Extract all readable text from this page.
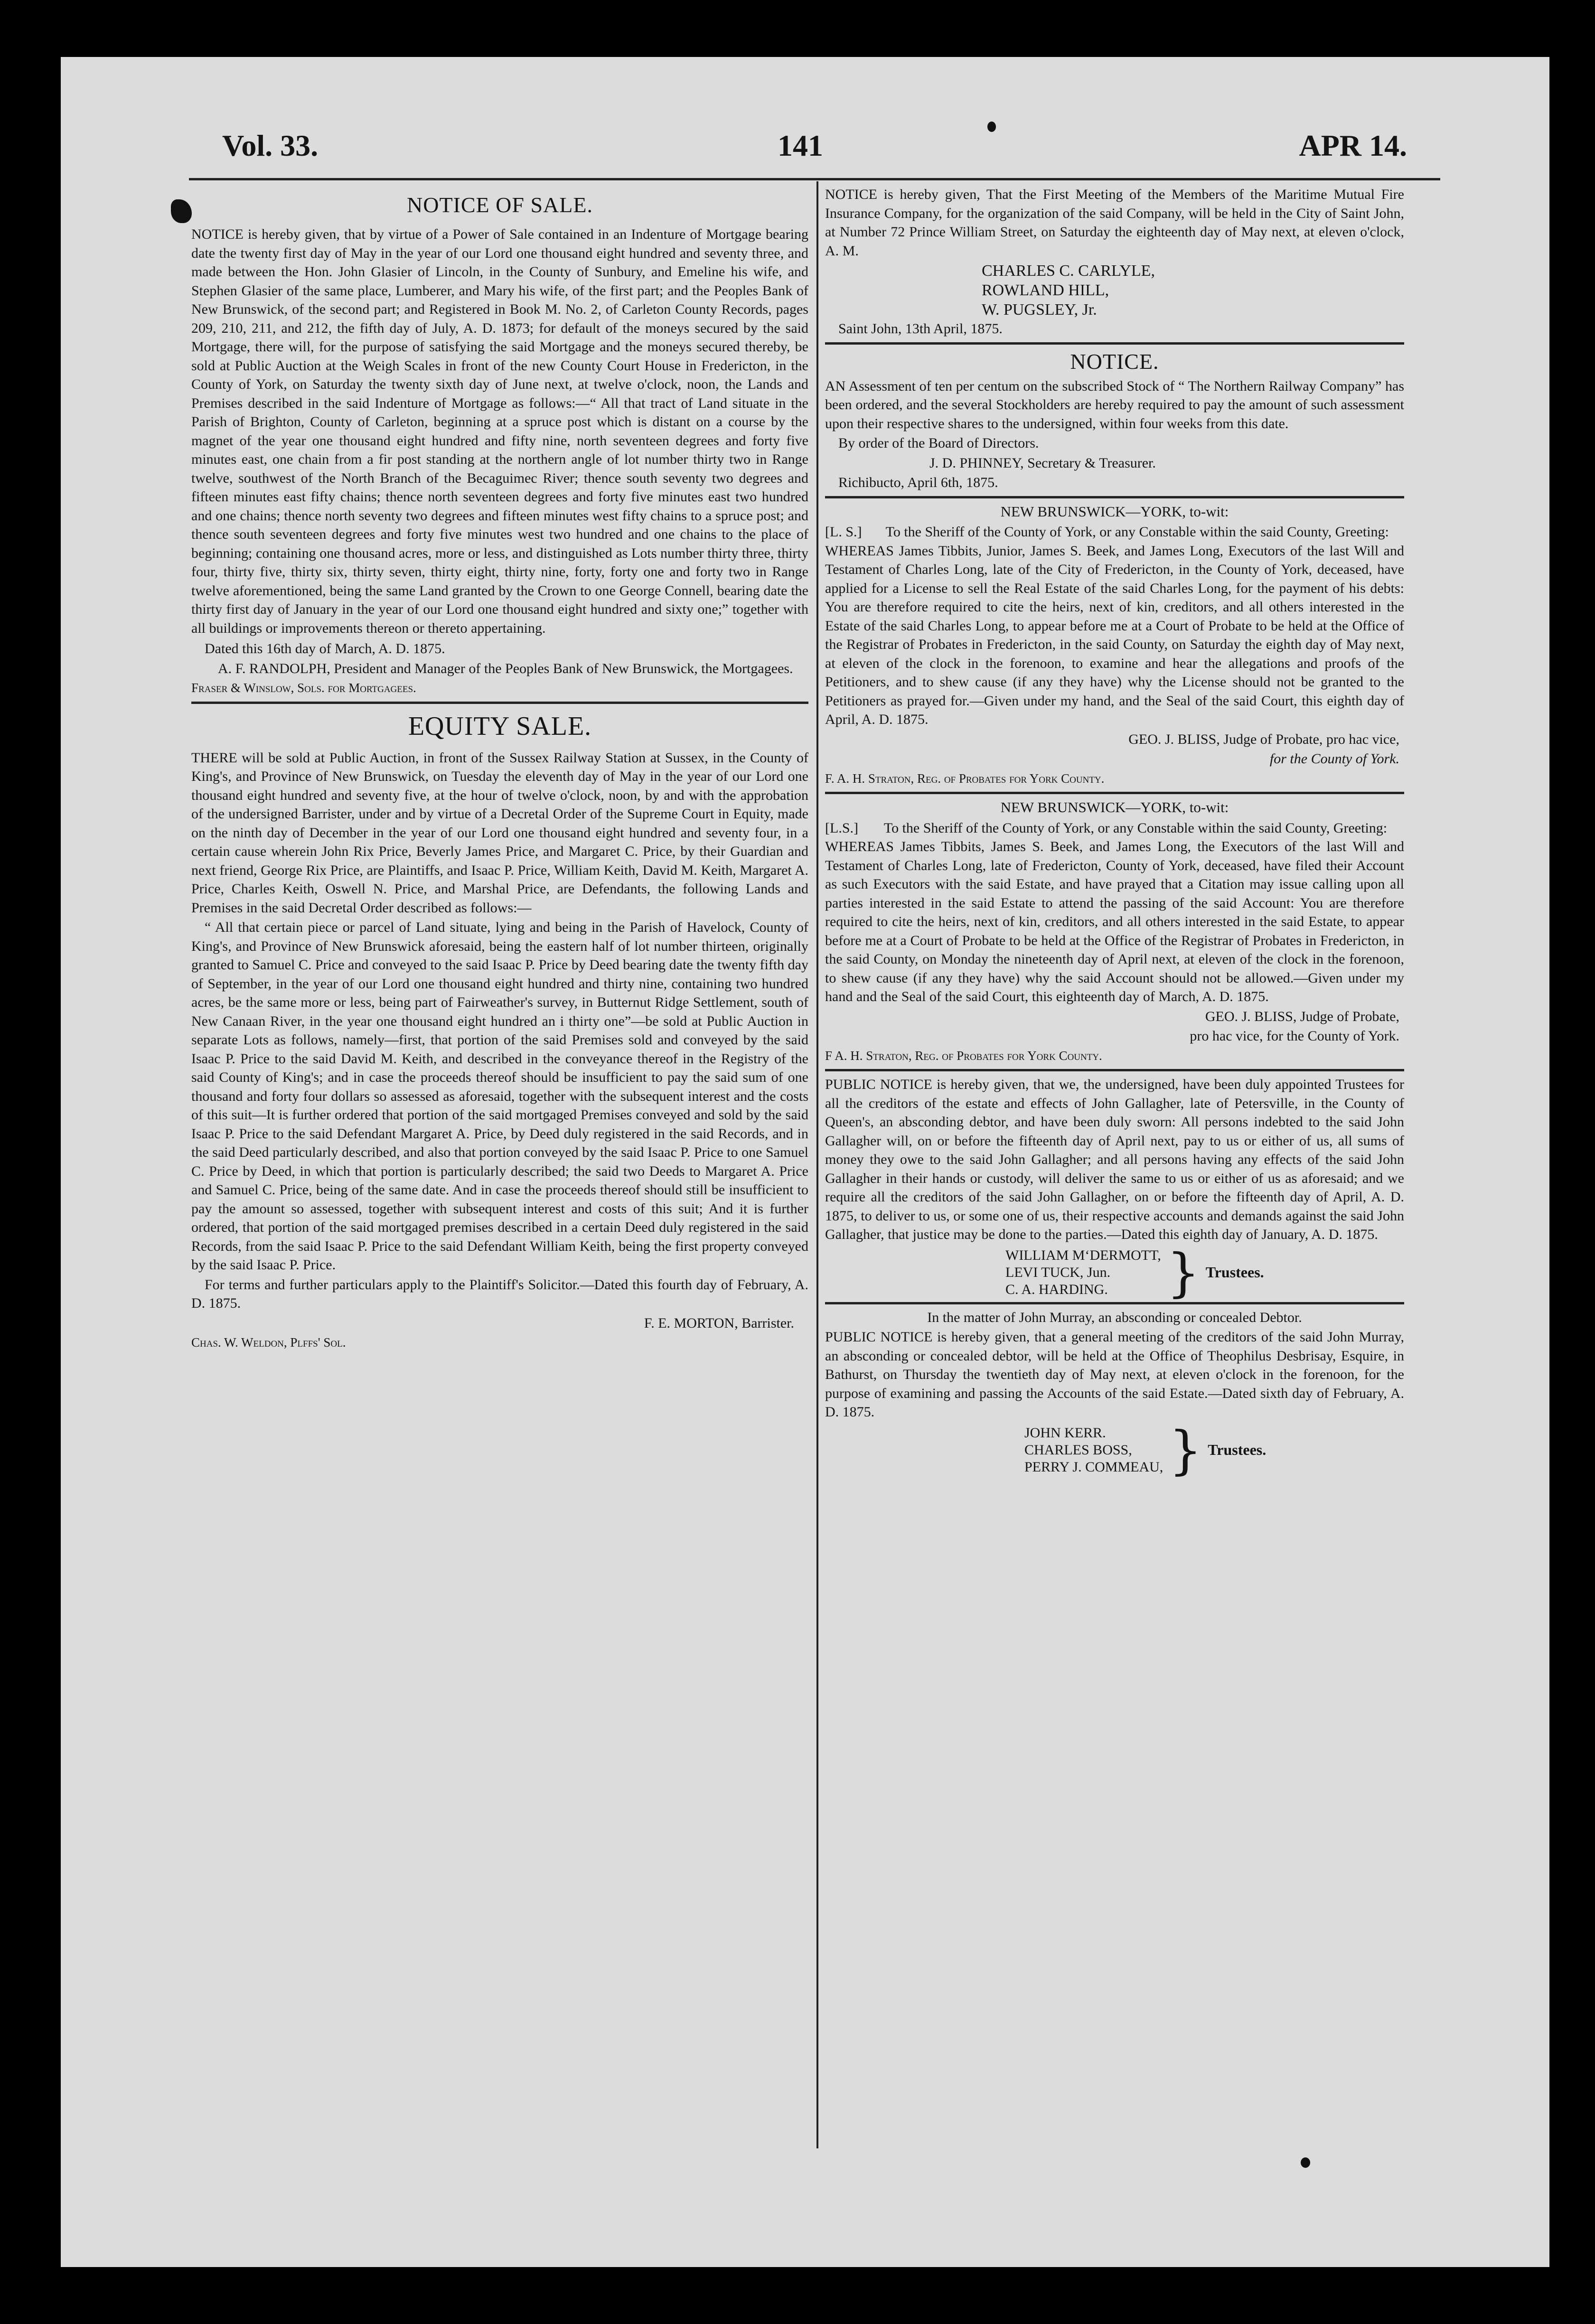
Vol. 33.	141	APR 14.
NOTICE OF SALE.

NOTICE is hereby given, that by virtue of a Power of Sale contained in an Indenture of Mortgage bearing date the twenty first day of May in the year of our Lord one thousand eight hundred and seventy three, and made between the Hon. John Glasier of Lincoln, in the County of Sunbury, and Emeline his wife, and Stephen Glasier of the same place, Lumberer, and Mary his wife, of the first part; and the Peoples Bank of New Brunswick, of the second part; and Registered in Book M. No. 2, of Carleton County Records, pages 209, 210, 211, and 212, the fifth day of July, A. D. 1873; for default of the moneys secured by the said Mortgage, there will, for the purpose of satisfying the said Mortgage and the moneys secured thereby, be sold at Public Auction at the Weigh Scales in front of the new County Court House in Fredericton, in the County of York, on Saturday the twenty sixth day of June next, at twelve o'clock, noon, the Lands and Premises described in the said Indenture of Mortgage as follows:—“ All that tract of Land situate in the Parish of Brighton, County of Carleton, beginning at a spruce post which is distant on a course by the magnet of the year one thousand eight hundred and fifty nine, north seventeen degrees and forty five minutes east, one chain from a fir post standing at the northern angle of lot number thirty two in Range twelve, southwest of the North Branch of the Becaguimec River; thence south seventy two degrees and fifteen minutes east fifty chains; thence north seventeen degrees and forty five minutes east two hundred and one chains; thence north seventy two degrees and fifteen minutes west fifty chains to a spruce post; and thence south seventeen degrees and forty five minutes west two hundred and one chains to the place of beginning; containing one thousand acres, more or less, and distinguished as Lots number thirty three, thirty four, thirty five, thirty six, thirty seven, thirty eight, thirty nine, forty, forty one and forty two in Range twelve aforementioned, being the same Land granted by the Crown to one George Connell, bearing date the thirty first day of January in the year of our Lord one thousand eight hundred and sixty one;” together with all buildings or improvements thereon or thereto appertaining.

Dated this 16th day of March, A. D. 1875.

A. F. RANDOLPH, President and Manager of the Peoples Bank of New Brunswick, the Mortgagees.

Fraser & Winslow, Sols. for Mortgagees.

EQUITY SALE.

THERE will be sold at Public Auction, in front of the Sussex Railway Station at Sussex, in the County of King's, and Province of New Brunswick, on Tuesday the eleventh day of May in the year of our Lord one thousand eight hundred and seventy five, at the hour of twelve o'clock, noon, by and with the approbation of the undersigned Barrister, under and by virtue of a Decretal Order of the Supreme Court in Equity, made on the ninth day of December in the year of our Lord one thousand eight hundred and seventy four, in a certain cause wherein John Rix Price, Beverly James Price, and Margaret C. Price, by their Guardian and next friend, George Rix Price, are Plaintiffs, and Isaac P. Price, William Keith, David M. Keith, Margaret A. Price, Charles Keith, Oswell N. Price, and Marshal Price, are Defendants, the following Lands and Premises in the said Decretal Order described as follows:—

“ All that certain piece or parcel of Land situate, lying and being in the Parish of Havelock, County of King's, and Province of New Brunswick aforesaid, being the eastern half of lot number thirteen, originally granted to Samuel C. Price and conveyed to the said Isaac P. Price by Deed bearing date the twenty fifth day of September, in the year of our Lord one thousand eight hundred and thirty nine, containing two hundred acres, be the same more or less, being part of Fairweather's survey, in Butternut Ridge Settlement, south of New Canaan River, in the year one thousand eight hundred an i thirty one”—be sold at Public Auction in separate Lots as follows, namely—first, that portion of the said Premises sold and conveyed by the said Isaac P. Price to the said David M. Keith, and described in the conveyance thereof in the Registry of the said County of King's; and in case the proceeds thereof should be insufficient to pay the said sum of one thousand and forty four dollars so assessed as aforesaid, together with the subsequent interest and the costs of this suit—It is further ordered that portion of the said mortgaged Premises conveyed and sold by the said Isaac P. Price to the said Defendant Margaret A. Price, by Deed duly registered in the said Records, and in the said Deed particularly described, and also that portion conveyed by the said Isaac P. Price to one Samuel C. Price by Deed, in which that portion is particularly described; the said two Deeds to Margaret A. Price and Samuel C. Price, being of the same date. And in case the proceeds thereof should still be insufficient to pay the amount so assessed, together with subsequent interest and costs of this suit; And it is further ordered, that portion of the said mortgaged premises described in a certain Deed duly registered in the said Records, from the said Isaac P. Price to the said Defendant William Keith, being the first property conveyed by the said Isaac P. Price.

For terms and further particulars apply to the Plaintiff's Solicitor.—Dated this fourth day of February, A. D. 1875.

F. E. MORTON, Barrister.

Chas. W. Weldon, Plffs' Sol.

NOTICE is hereby given, That the First Meeting of the Members of the Maritime Mutual Fire Insurance Company, for the organization of the said Company, will be held in the City of Saint John, at Number 72 Prince William Street, on Saturday the eighteenth day of May next, at eleven o'clock, A. M.

CHARLES C. CARLYLE,
ROWLAND HILL,
W. PUGSLEY, Jr.

Saint John, 13th April, 1875.

NOTICE.

AN Assessment of ten per centum on the subscribed Stock of “ The Northern Railway Company” has been ordered, and the several Stockholders are hereby required to pay the amount of such assessment upon their respective shares to the undersigned, within four weeks from this date.

By order of the Board of Directors.

J. D. PHINNEY, Secretary & Treasurer.

Richibucto, April 6th, 1875.

NEW BRUNSWICK—YORK, to-wit:
[L. S.]	To the Sheriff of the County of York, or any Constable within the said County, Greeting:

WHEREAS James Tibbits, Junior, James S. Beek, and James Long, Executors of the last Will and Testament of Charles Long, late of the City of Fredericton, in the County of York, deceased, have applied for a License to sell the Real Estate of the said Charles Long, for the payment of his debts: You are therefore required to cite the heirs, next of kin, creditors, and all others interested in the Estate of the said Charles Long, to appear before me at a Court of Probate to be held at the Office of the Registrar of Probates in Fredericton, in the said County, on Saturday the eighth day of May next, at eleven of the clock in the forenoon, to examine and hear the allegations and proofs of the Petitioners, and to shew cause (if any they have) why the License should not be granted to the Petitioners as prayed for.—Given under my hand, and the Seal of the said Court, this eighth day of April, A. D. 1875.

GEO. J. BLISS, Judge of Probate, pro hac vice,

for the County of York.

F. A. H. Straton, Reg. of Probates for York County.

NEW BRUNSWICK—YORK, to-wit:
[L.S.]	To the Sheriff of the County of York, or any Constable within the said County, Greeting:

WHEREAS James Tibbits, James S. Beek, and James Long, the Executors of the last Will and Testament of Charles Long, late of Fredericton, County of York, deceased, have filed their Account as such Executors with the said Estate, and have prayed that a Citation may issue calling upon all parties interested in the said Estate to attend the passing of the said Account: You are therefore required to cite the heirs, next of kin, creditors, and all others interested in the said Estate, to appear before me at a Court of Probate to be held at the Office of the Registrar of Probates in Fredericton, in the said County, on Monday the nineteenth day of April next, at eleven of the clock in the forenoon, to shew cause (if any they have) why the said Account should not be allowed.—Given under my hand and the Seal of the said Court, this eighteenth day of March, A. D. 1875.

GEO. J. BLISS, Judge of Probate,

pro hac vice, for the County of York.

F A. H. Straton, Reg. of Probates for York County.

PUBLIC NOTICE is hereby given, that we, the undersigned, have been duly appointed Trustees for all the creditors of the estate and effects of John Gallagher, late of Petersville, in the County of Queen's, an absconding debtor, and have been duly sworn: All persons indebted to the said John Gallagher will, on or before the fifteenth day of April next, pay to us or either of us, all sums of money they owe to the said John Gallagher; and all persons having any effects of the said John Gallagher in their hands or custody, will deliver the same to us or either of us as aforesaid; and we require all the creditors of the said John Gallagher, on or before the fifteenth day of April, A. D. 1875, to deliver to us, or some one of us, their respective accounts and demands against the said John Gallagher, that justice may be done to the parties.—Dated this eighth day of January, A. D. 1875.

WILLIAM M‘DERMOTT,
LEVI TUCK, Jun.
C. A. HARDING.	} Trustees.

In the matter of John Murray, an absconding or concealed Debtor.

PUBLIC NOTICE is hereby given, that a general meeting of the creditors of the said John Murray, an absconding or concealed debtor, will be held at the Office of Theophilus Desbrisay, Esquire, in Bathurst, on Thursday the twentieth day of May next, at eleven o'clock in the forenoon, for the purpose of examining and passing the Accounts of the said Estate.—Dated sixth day of February, A. D. 1875.

JOHN KERR.
CHARLES BOSS,
PERRY J. COMMEAU, } Trustees.
